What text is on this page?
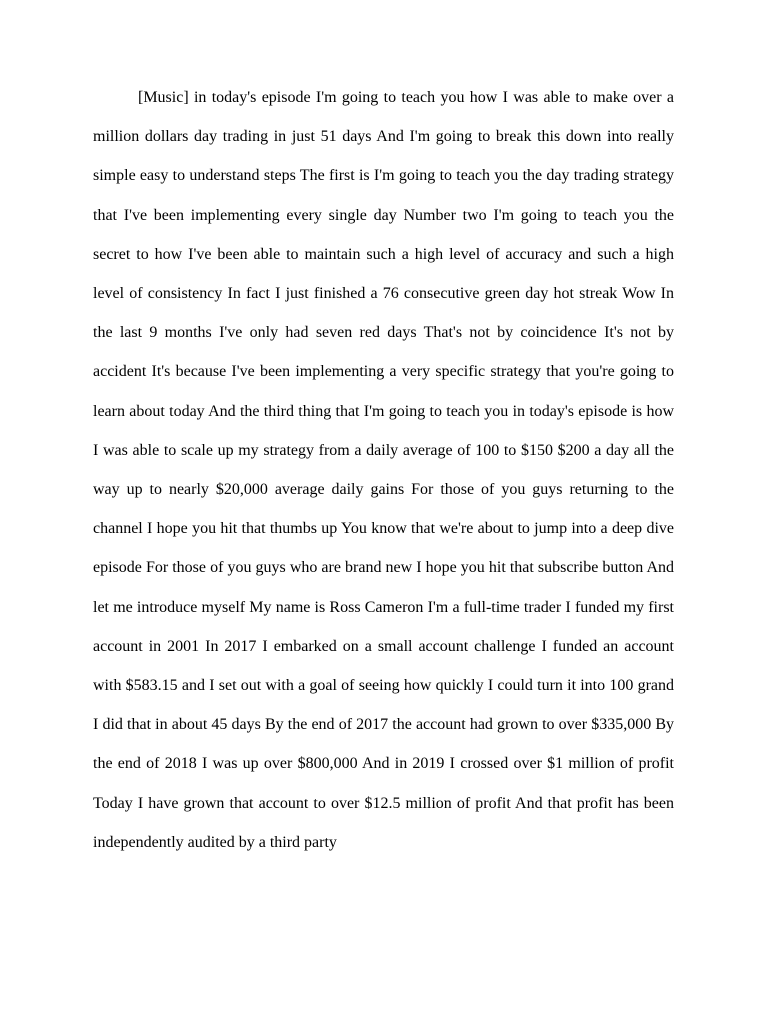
[Music] in today's episode I'm going to teach you how I was able to make over a million dollars day trading in just 51 days And I'm going to break this down into really simple easy to understand steps The first is I'm going to teach you the day trading strategy that I've been implementing every single day Number two I'm going to teach you the secret to how I've been able to maintain such a high level of accuracy and such a high level of consistency In fact I just finished a 76 consecutive green day hot streak Wow In the last 9 months I've only had seven red days That's not by coincidence It's not by accident It's because I've been implementing a very specific strategy that you're going to learn about today And the third thing that I'm going to teach you in today's episode is how I was able to scale up my strategy from a daily average of 100 to $150 $200 a day all the way up to nearly $20,000 average daily gains For those of you guys returning to the channel I hope you hit that thumbs up You know that we're about to jump into a deep dive episode For those of you guys who are brand new I hope you hit that subscribe button And let me introduce myself My name is Ross Cameron I'm a full-time trader I funded my first account in 2001 In 2017 I embarked on a small account challenge I funded an account with $583.15 and I set out with a goal of seeing how quickly I could turn it into 100 grand I did that in about 45 days By the end of 2017 the account had grown to over $335,000 By the end of 2018 I was up over $800,000 And in 2019 I crossed over $1 million of profit Today I have grown that account to over $12.5 million of profit And that profit has been independently audited by a third party
